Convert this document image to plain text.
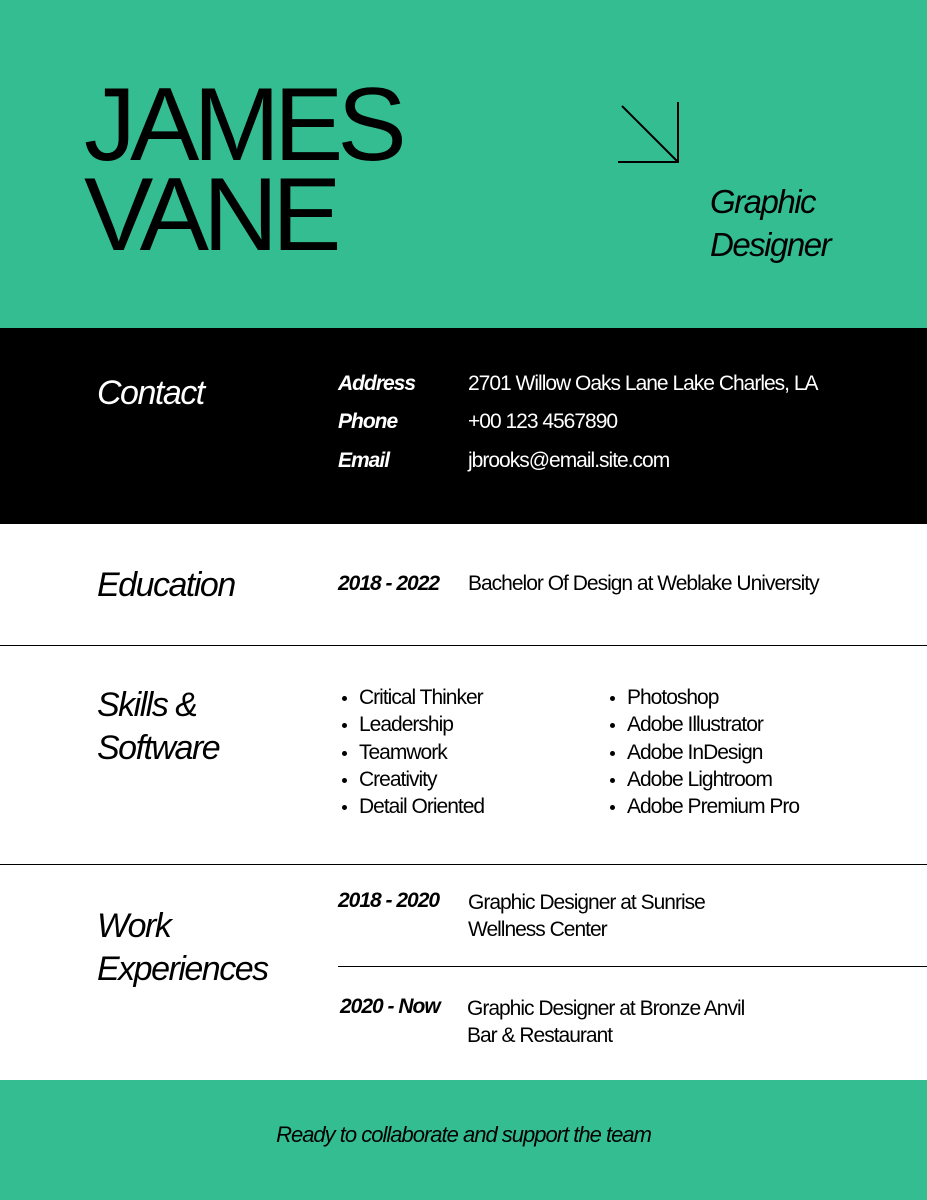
JAMES
VANE	Graphic
Designer
Contact	Address	2701 Willow Oaks Lane Lake Charles, LA
Phone	+00 123 4567890
Email	jbrooks@email.site.com
Education	2018 - 2022 Bachelor Of Design at Weblake University
Skills &
Software
Critical Thinker
Leadership
Teamwork
Creativity
Detail Oriented
Photoshop
Adobe Illustrator
Adobe InDesign
Adobe Lightroom
Adobe Premium Pro
Work
Experiences
2018 - 2020 Graphic Designer at Sunrise
Wellness Center
2020 - Now Graphic Designer at Bronze Anvil
Bar & Restaurant
Ready to collaborate and support the team
